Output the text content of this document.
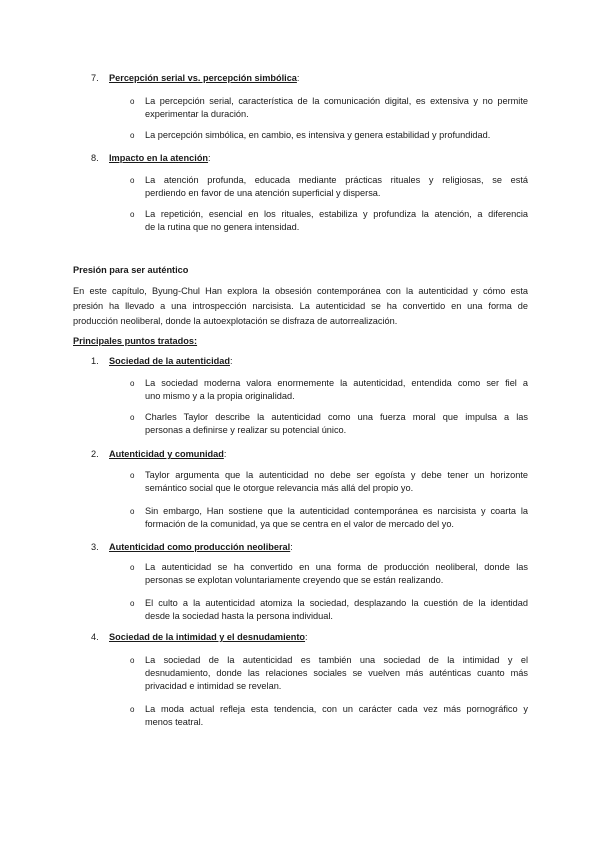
7. Percepción serial vs. percepción simbólica:
o La percepción serial, característica de la comunicación digital, es extensiva y no permite
experimentar la duración.
o La percepción simbólica, en cambio, es intensiva y genera estabilidad y profundidad.
8. Impacto en la atención:
o La atención profunda, educada mediante prácticas rituales y religiosas, se está
perdiendo en favor de una atención superficial y dispersa.
o La repetición, esencial en los rituales, estabiliza y profundiza la atención, a diferencia
de la rutina que no genera intensidad.
Presión para ser auténtico
En este capítulo, Byung-Chul Han explora la obsesión contemporánea con la autenticidad y cómo esta
presión ha llevado a una introspección narcisista. La autenticidad se ha convertido en una forma de
producción neoliberal, donde la autoexplotación se disfraza de autorrealización.
Principales puntos tratados:
1. Sociedad de la autenticidad:
o La sociedad moderna valora enormemente la autenticidad, entendida como ser fiel a
uno mismo y a la propia originalidad.
o Charles Taylor describe la autenticidad como una fuerza moral que impulsa a las
personas a definirse y realizar su potencial único.
2. Autenticidad y comunidad:
o Taylor argumenta que la autenticidad no debe ser egoísta y debe tener un horizonte
semántico social que le otorgue relevancia más allá del propio yo.
o Sin embargo, Han sostiene que la autenticidad contemporánea es narcisista y coarta la
formación de la comunidad, ya que se centra en el valor de mercado del yo.
3. Autenticidad como producción neoliberal:
o La autenticidad se ha convertido en una forma de producción neoliberal, donde las
personas se explotan voluntariamente creyendo que se están realizando.
o El culto a la autenticidad atomiza la sociedad, desplazando la cuestión de la identidad
desde la sociedad hasta la persona individual.
4. Sociedad de la intimidad y el desnudamiento:
o La sociedad de la autenticidad es también una sociedad de la intimidad y el
desnudamiento, donde las relaciones sociales se vuelven más auténticas cuanto más
privacidad e intimidad se revelan.
o La moda actual refleja esta tendencia, con un carácter cada vez más pornográfico y
menos teatral.
